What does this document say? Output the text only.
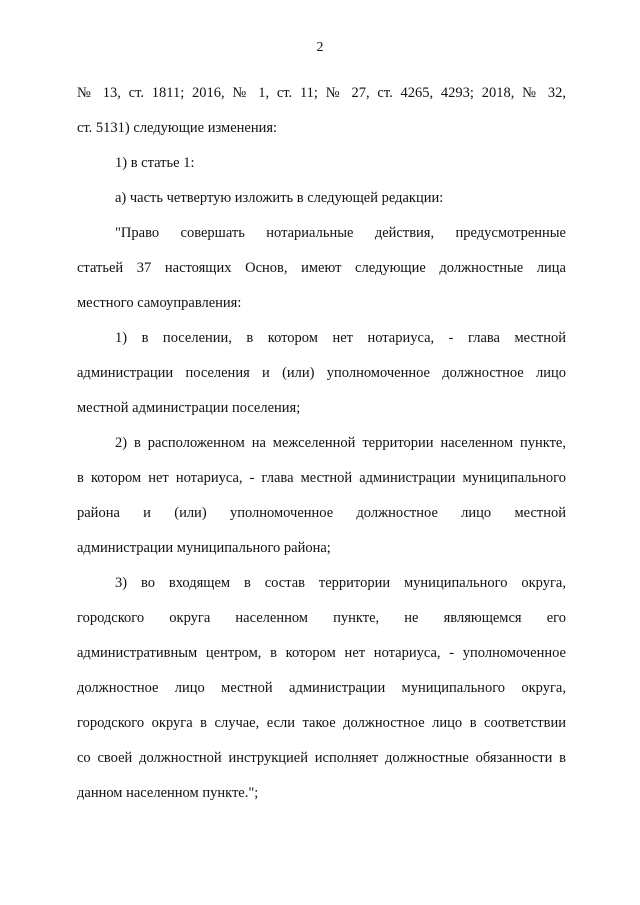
2
№ 13, ст. 1811; 2016, № 1, ст. 11; № 27, ст. 4265, 4293; 2018, № 32,
ст. 5131) следующие изменения:
1) в статье 1:
а) часть четвертую изложить в следующей редакции:
"Право совершать нотариальные действия, предусмотренные
статьей 37 настоящих Основ, имеют следующие должностные лица
местного самоуправления:
1) в поселении, в котором нет нотариуса, - глава местной
администрации поселения и (или) уполномоченное должностное лицо
местной администрации поселения;
2) в расположенном на межселенной территории населенном пункте,
в котором нет нотариуса, - глава местной администрации муниципального
района и (или) уполномоченное должностное лицо местной
администрации муниципального района;
3) во входящем в состав территории муниципального округа,
городского округа населенном пункте, не являющемся его
административным центром, в котором нет нотариуса, - уполномоченное
должностное лицо местной администрации муниципального округа,
городского округа в случае, если такое должностное лицо в соответствии
со своей должностной инструкцией исполняет должностные обязанности в
данном населенном пункте.";
